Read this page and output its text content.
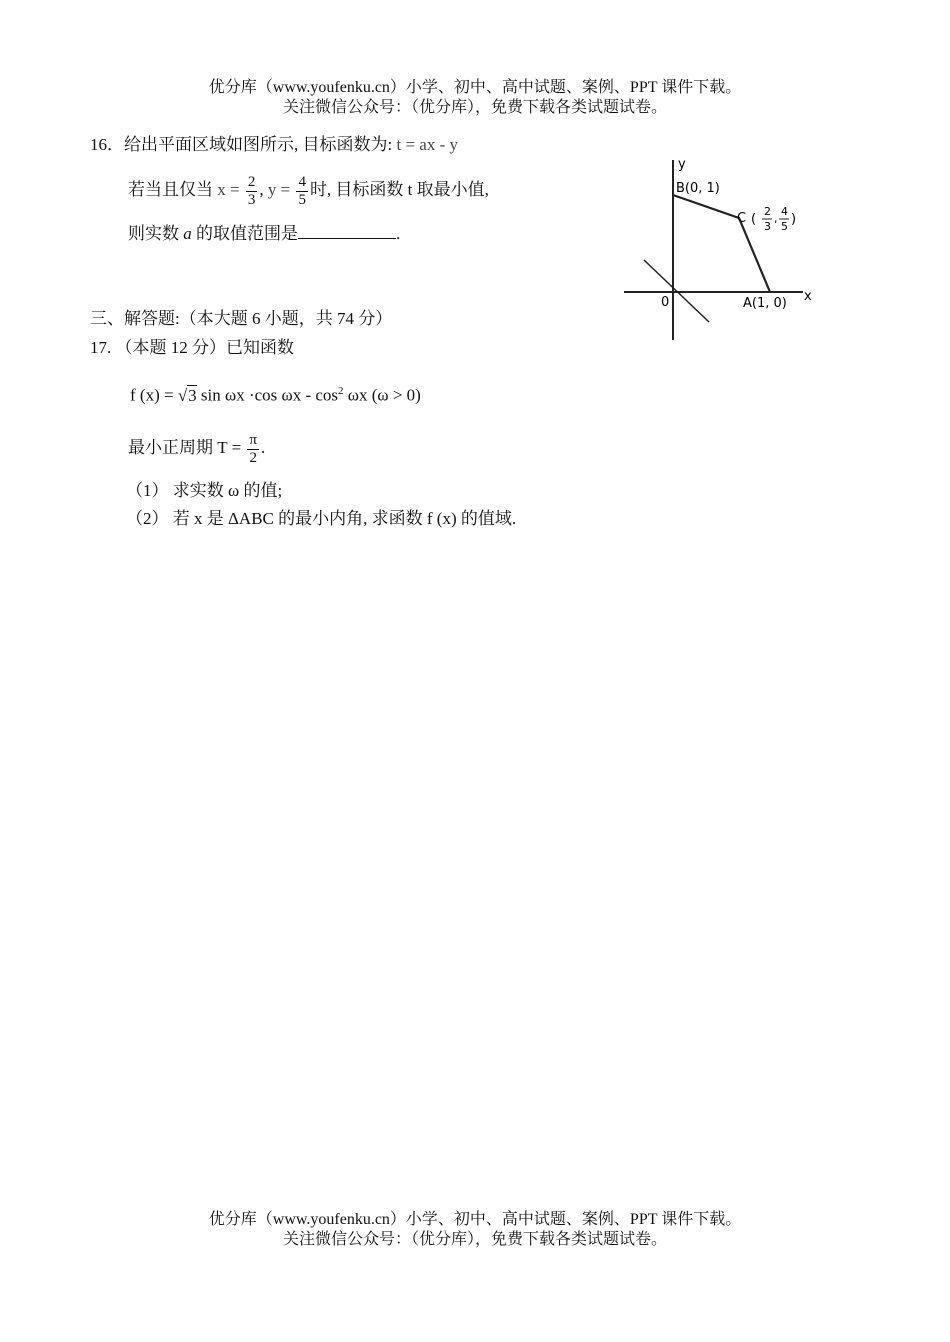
优分库（www.youfenku.cn）小学、初中、高中试题、案例、PPT 课件下载。
关注微信公众号：（优分库），免费下载各类试题试卷。
16．给出平面区域如图所示, 目标函数为: t = ax - y
若当且仅当 $x = \frac{2}{3}$ , $y = \frac{4}{5}$ 时, 目标函数 t 取最小值,
则实数 a 的取值范围是	.
y
x
0
B(0, 1)
C (
2
3
,
4
5 )
A(1, 0)
三、解答题:（本大题 6 小题，共 74 分）
17. （本题 12 分）已知函数
f (x) = √3 sin ωx ·cos ωx - $\cos^2 \omega x$ (ω > 0)
最小正周期 $T = \frac{\pi}{2}$ .
（1） 求实数 ω 的值;
（2） 若 x 是 ΔABC 的最小内角, 求函数 f (x) 的值域.
优分库（www.youfenku.cn）小学、初中、高中试题、案例、PPT 课件下载。
关注微信公众号：（优分库），免费下载各类试题试卷。
